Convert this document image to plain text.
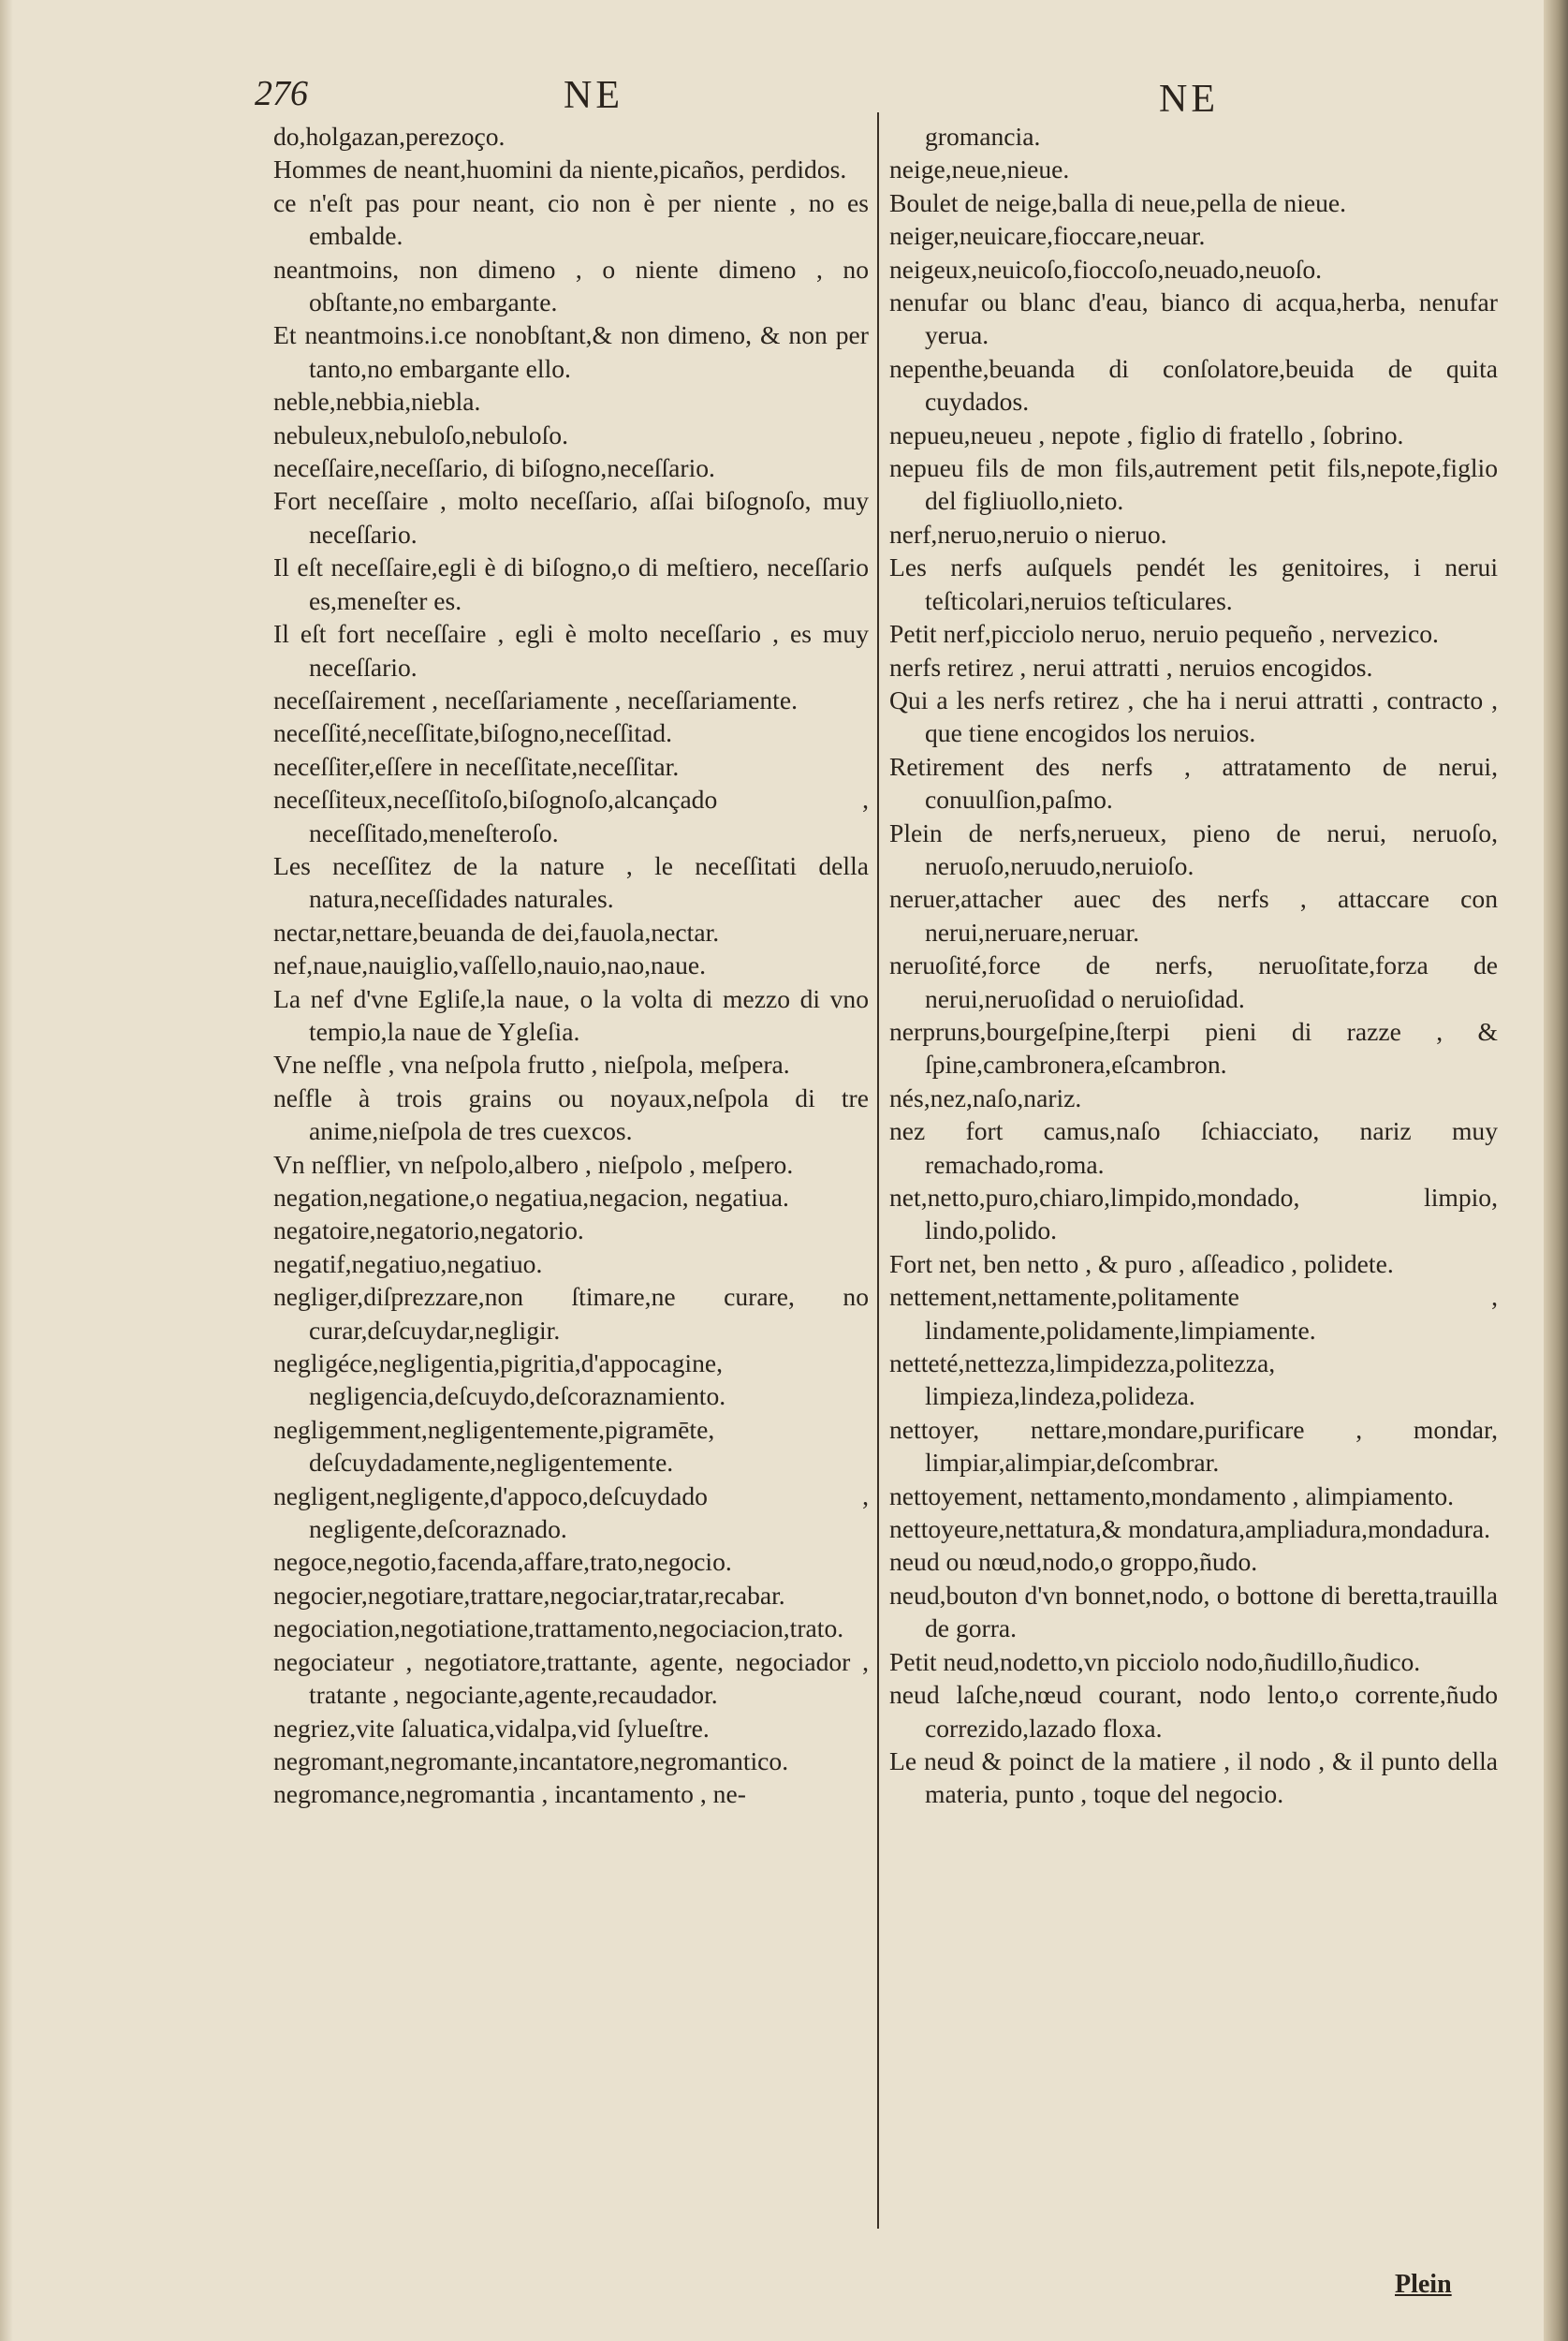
276	NE	NE
do,holgazan,perezoço.
Hommes de neant,huomini da niente,picaños, perdidos.
ce n'eſt pas pour neant, cio non è per niente , no es embalde.
neantmoins, non dimeno , o niente dimeno , no obſtante,no embargante.
Et neantmoins.i.ce nonobſtant,& non dimeno, & non per tanto,no embargante ello.
neble,nebbia,niebla.
nebuleux,nebuloſo,nebuloſo.
neceſſaire,neceſſario, di biſogno,neceſſario.
Fort neceſſaire , molto neceſſario, aſſai biſognoſo, muy neceſſario.
Il eſt neceſſaire,egli è di biſogno,o di meſtiero, neceſſario es,meneſter es.
Il eſt fort neceſſaire , egli è molto neceſſario , es muy neceſſario.
neceſſairement , neceſſariamente , neceſſariamente.
neceſſité,neceſſitate,biſogno,neceſſitad.
neceſſiter,eſſere in neceſſitate,neceſſitar.
neceſſiteux,neceſſitoſo,biſognoſo,alcançado , neceſſitado,meneſteroſo.
Les neceſſitez de la nature , le neceſſitati della natura,neceſſidades naturales.
nectar,nettare,beuanda de dei,fauola,nectar.
nef,naue,nauiglio,vaſſello,nauio,nao,naue.
La nef d'vne Egliſe,la naue, o la volta di mezzo di vno tempio,la naue de Ygleſia.
Vne neſfle , vna neſpola frutto , nieſpola, meſpera.
neſfle à trois grains ou noyaux,neſpola di tre anime,nieſpola de tres cuexcos.
Vn neſflier, vn neſpolo,albero , nieſpolo , meſpero.
negation,negatione,o negatiua,negacion, negatiua.
negatoire,negatorio,negatorio.
negatif,negatiuo,negatiuo.
negliger,diſprezzare,non ſtimare,ne curare, no curar,deſcuydar,negligir.
negligéce,negligentia,pigritia,d'appocagine, negligencia,deſcuydo,deſcoraznamiento.
negligemment,negligentemente,pigramēte, deſcuydadamente,negligentemente.
negligent,negligente,d'appoco,deſcuydado , negligente,deſcoraznado.
negoce,negotio,facenda,affare,trato,negocio.
negocier,negotiare,trattare,negociar,tratar,recabar.
negociation,negotiatione,trattamento,negociacion,trato.
negociateur , negotiatore,trattante, agente, negociador , tratante , negociante,agente,recaudador.
negriez,vite ſaluatica,vidalpa,vid ſylueſtre.
negromant,negromante,incantatore,negromantico.
negromance,negromantia , incantamento , ne-
gromancia.
neige,neue,nieue.
Boulet de neige,balla di neue,pella de nieue.
neiger,neuicare,fioccare,neuar.
neigeux,neuicoſo,fioccoſo,neuado,neuoſo.
nenufar ou blanc d'eau, bianco di acqua,herba, nenufar yerua.
nepenthe,beuanda di conſolatore,beuida de quita cuydados.
nepueu,neueu , nepote , figlio di fratello , ſobrino.
nepueu fils de mon fils,autrement petit fils,nepote,figlio del figliuollo,nieto.
nerf,neruo,neruio o nieruo.
Les nerfs auſquels pendét les genitoires, i nerui teſticolari,neruios teſticulares.
Petit nerf,picciolo neruo, neruio pequeño , nervezico.
nerfs retirez , nerui attratti , neruios encogidos.
Qui a les nerfs retirez , che ha i nerui attratti , contracto , que tiene encogidos los neruios.
Retirement des nerfs , attratamento de nerui, conuulſion,paſmo.
Plein de nerfs,nerueux, pieno de nerui, neruoſo, neruoſo,neruudo,neruioſo.
neruer,attacher auec des nerfs , attaccare con nerui,neruare,neruar.
neruoſité,force de nerfs, neruoſitate,forza de nerui,neruoſidad o neruioſidad.
nerpruns,bourgeſpine,ſterpi pieni di razze , & ſpine,cambronera,eſcambron.
nés,nez,naſo,nariz.
nez fort camus,naſo ſchiacciato, nariz muy remachado,roma.
net,netto,puro,chiaro,limpido,mondado, limpio, lindo,polido.
Fort net, ben netto , & puro , aſſeadico , polidete.
nettement,nettamente,politamente , lindamente,polidamente,limpiamente.
netteté,nettezza,limpidezza,politezza, limpieza,lindeza,polideza.
nettoyer, nettare,mondare,purificare , mondar, limpiar,alimpiar,deſcombrar.
nettoyement, nettamento,mondamento , alimpiamento.
nettoyeure,nettatura,& mondatura,ampliadura,mondadura.
neud ou nœud,nodo,o groppo,ñudo.
neud,bouton d'vn bonnet,nodo, o bottone di beretta,trauilla de gorra.
Petit neud,nodetto,vn picciolo nodo,ñudillo,ñudico.
neud laſche,nœud courant, nodo lento,o corrente,ñudo correzido,lazado floxa.
Le neud & poinct de la matiere , il nodo , & il punto della materia, punto , toque del negocio.
Plein
